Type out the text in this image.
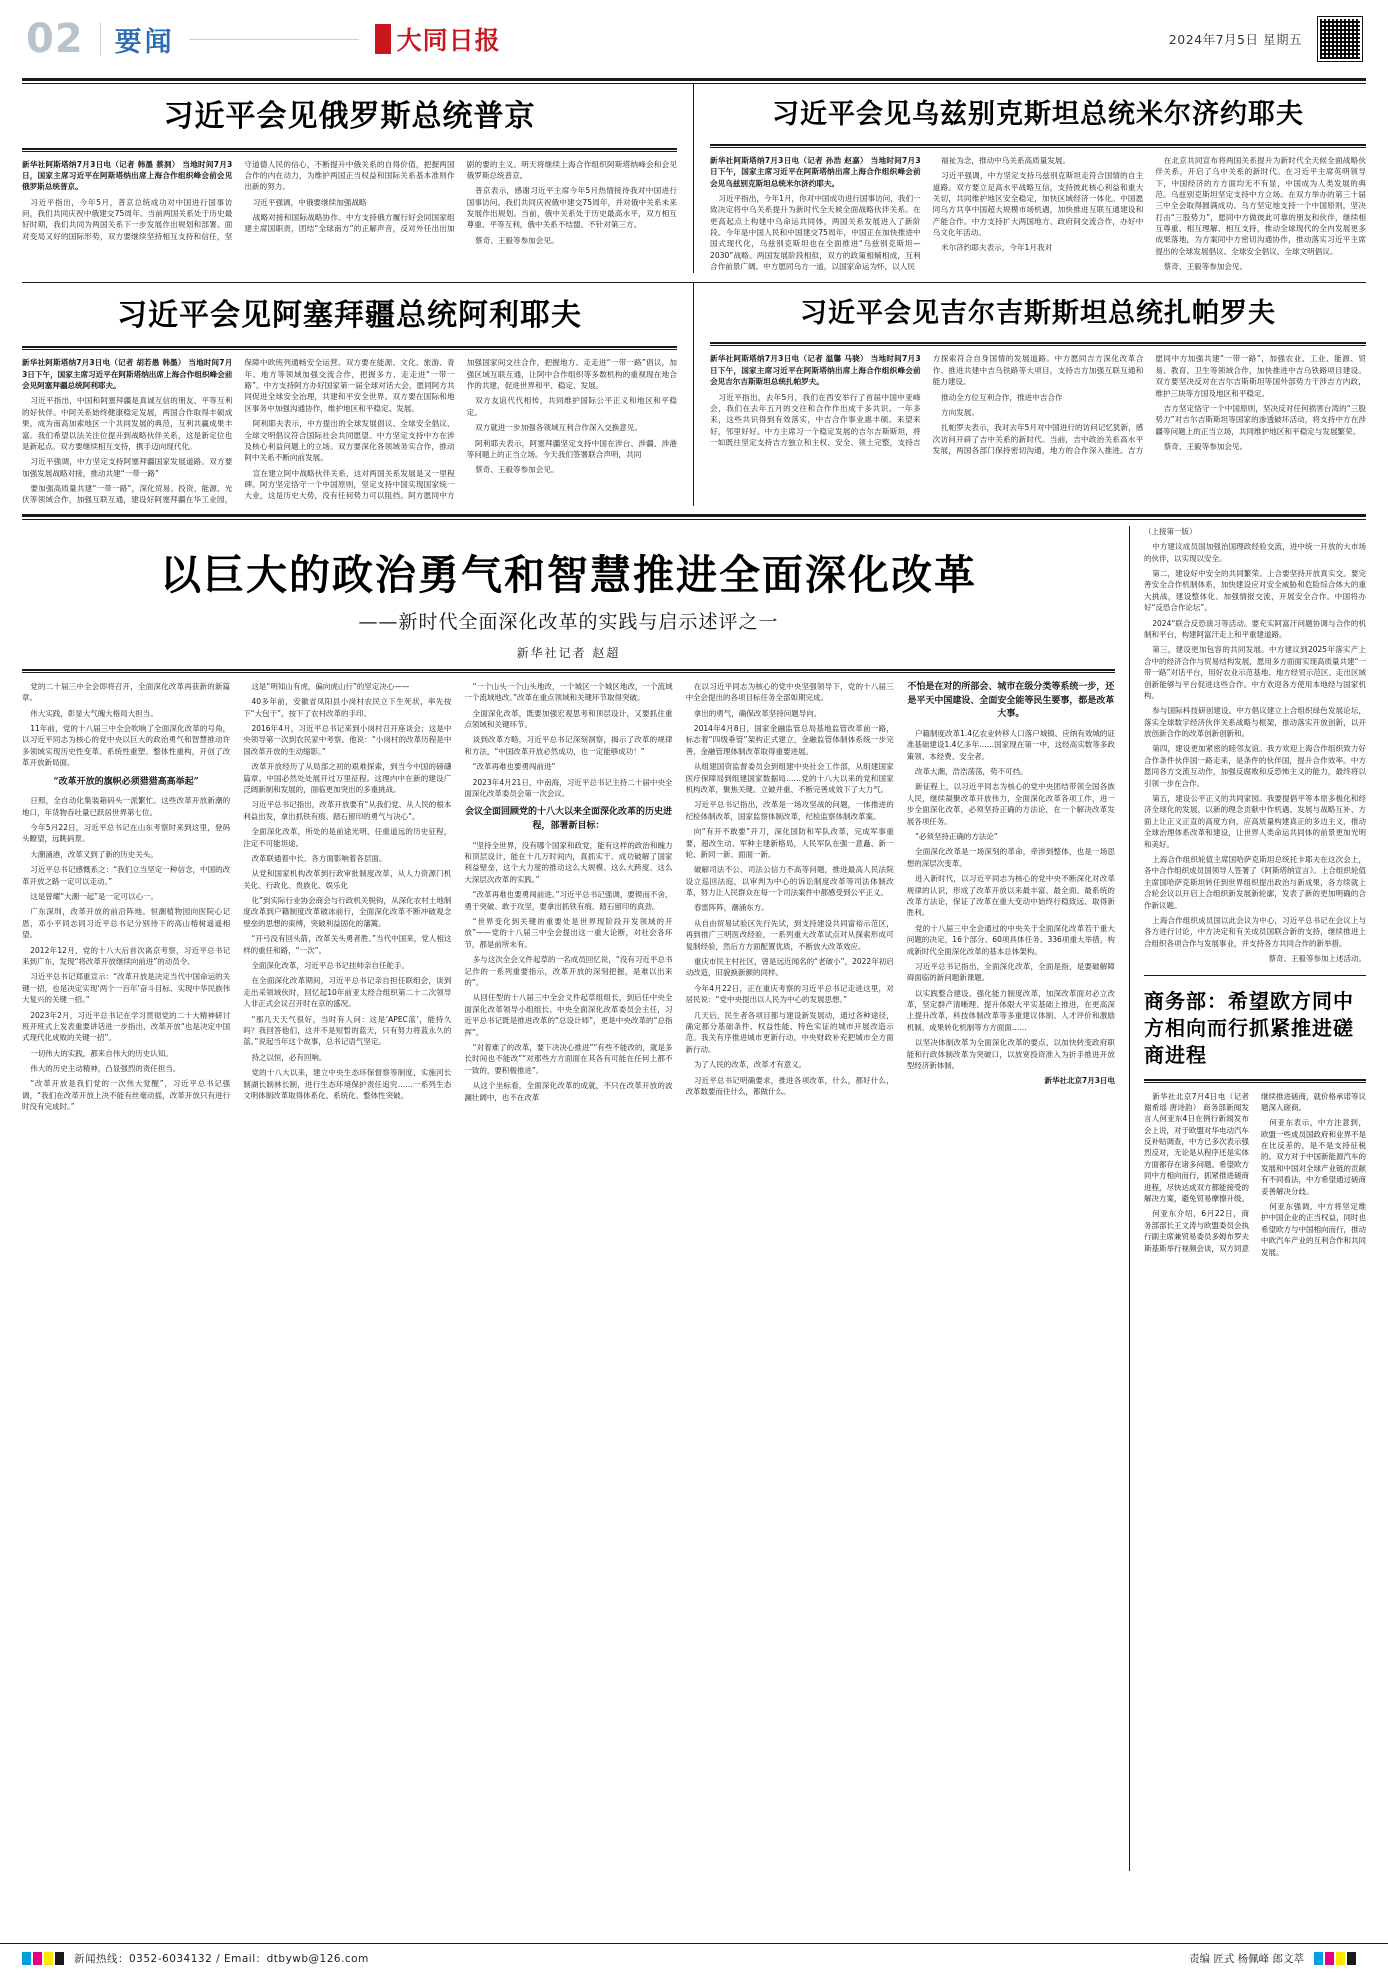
02 要闻	大同日报	2024年7月5日 星期五
习近平会见俄罗斯总统普京

新华社阿斯塔纳7月3日电（记者 韩墨 蔡洞） 当地时间7月3日，国家主席习近平在阿斯塔纳出席上海合作组织峰会前会见俄罗斯总统普京。

习近平指出，今年5月，普京总统成功对中国进行国事访问，我们共同庆祝中俄建交75周年。当前两国关系处于历史最好时期，我们共同为两国关系下一步发展作出规划和部署。面对变局又好的国际形势，双方要继续坚持相互支持和信任，坚守道德人民的信心，不断提升中俄关系的自得价值，把握两国合作的内在动力，为维护两国正当权益和国际关系基本准则作出新的努力。

习近平强调，中俄要继续加强战略

战略对接和国际战略协作。中方支持俄方履行好会同国家组建主席国职责，团结“全球南方”的正解声音，反对外任出出加剧的要的主义。明天将继续上海合作组织阿斯塔纳峰会和会见俄罗斯总统普京。

普京表示，感谢习近平主席今年5月热情接待我对中国进行国事访问。我们共同庆祝俄中建交75周年，并对俄中关系未来发展作出规划。当前，俄中关系处于历史最高水平，双方相互尊重、平等互利，俄中关系不结盟、不针对第三方。

蔡奇、王毅等参加会见。

习近平会见乌兹别克斯坦总统米尔济约耶夫

新华社阿斯塔纳7月3日电（记者 孙浩 赵嘉） 当地时间7月3日下午，国家主席习近平在阿斯塔纳出席上海合作组织峰会前会见乌兹别克斯坦总统米尔济约耶夫。

习近平指出，今年1月，你对中国成功进行国事访问，我们一致决定将中乌关系提升为新时代全天候全面战略伙伴关系。在更高起点上构建中乌命运共同体，两国关系发展进入了新阶段。今年是中国人民和中国建交75周年，中国正在加快推进中国式现代化，乌兹别克斯坦也在全面推进“乌兹别克斯坦—2030”战略。两国发展阶段相似，双方的政策相辅相成，互利合作前景广阔。中方愿同乌方一道，以国家命运为怀，以人民

福祉为念，推动中乌关系高质量发展。

习近平强调，中方坚定支持乌兹别克斯坦走符合国情的自主道路。双方要立足高水平战略互信，支持彼此核心利益和重大关切，共同维护地区安全稳定，加快区域经济一体化。中国愿同乌方共享中国超大规模市场机遇，加快推进互联互通建设和产能合作。中方支持扩大两国地方、政府间交流合作，办好中乌文化年活动。

米尔济约耶夫表示，今年1月我对

在北京共同宣布将两国关系提升为新时代全天候全面战略伙伴关系，开启了乌中关系的新时代。在习近平主席英明领导下，中国经济的方方面均无不有显，中国成为人类发展的典范。乌兹别克斯坦坚定支持中方立场。在双方举办的第三十届三中全会取得圆满成功。乌方坚定地支持一个中国原则，坚决打击“三股势力”，愿同中方做彼此可靠的朋友和伙伴，继续相互尊重、相互理解、相互支持，推动全球现代的全内发展更多成果落地，为方案同中方密切沟通协作，推动落实习近平主席提出的全球发展倡议、全球安全倡议、全球文明倡议。

蔡奇、王毅等参加会见。

习近平会见阿塞拜疆总统阿利耶夫

新华社阿斯塔纳7月3日电（记者 胡若愚 韩墨） 当地时间7月3日下午，国家主席习近平在阿斯塔纳出席上海合作组织峰会前会见阿塞拜疆总统阿利耶夫。

习近平指出，中国和阿塞拜疆是真诚互信的朋友、平等互利的好伙伴。中阿关系始终健康稳定发展，两国合作取得丰硕成果，成为南高加索地区一个共同发展的典范，互利共赢成果丰富。我们希望以法关注位提升到战略伙伴关系，这是新定位也是新起点。双方要继续相互支持，携手迈向现代化。

习近平强调，中方坚定支持阿塞拜疆国家发展道路。双方要加强发展战略对接，推动共建“一带一路”

要加强高质量共建“一带一路”，深化贸易、投资、能源、光伏等领域合作，加强互联互通，建设好阿塞拜疆在华工业园，保障中欧班列通畅安全运营。双方要在能源、文化、旅游、青年、地方等领域加强交流合作，把握多方、走走进“一带一路”。中方支持阿方办好国家第一届全球对话大会，愿同阿方共同促进全球安全治理，共建和平安全世界。双方要在国际和地区事务中加强沟通协作，维护地区和平稳定、发展。

阿利耶夫表示，中方提出的全球发展倡议、全球安全倡议、全球文明倡议符合国际社会共同愿望。中方坚定支持中方在涉及核心利益问题上的立场。双方要深化各领域务实合作，推动阿中关系不断向前发展。

宣在建立阿中战略伙伴关系，这对两国关系发展是又一里程碑。阿方坚定恪守一个中国原则，坚定支持中国实现国家统一大业，这是历史大势，没有任何势力可以阻挡。阿方愿同中方加强国家间交往合作，把握地方、走走进“一带一路”倡议，加强区域互联互通，让阿中合作组织等多数机构的重视现在地合作的共建，促进世界和平、稳定、发展。

双方友谊代代相传，共同维护国际公平正义和地区和平稳定。

双方就进一步加强各领域互利合作深入交换意见。

阿利耶夫表示，阿塞拜疆坚定支持中国在涉台、涉疆、涉港等问题上的正当立场。今天我们签署联合声明，共同

蔡奇、王毅等参加会见。

习近平会见吉尔吉斯斯坦总统扎帕罗夫

新华社阿斯塔纳7月3日电（记者 温馨 马骁） 当地时间7月3日下午，国家主席习近平在阿斯塔纳出席上海合作组织峰会前会见吉尔吉斯斯坦总统扎帕罗夫。

习近平指出，去年5月，我们在西安举行了首届中国中亚峰会，我们在去年五月的交往和合作作出成千多共识。一年多来，这些共识得到有效落实，中吉合作事业惠丰硕。来望来好，邻里好好。中方主席习一个稳定发展的吉尔吉斯斯坦，将一如既往坚定支持吉方独立和主权、安全、领土完整，支持吉方探索符合自身国情的发展道路。中方愿同吉方深化改革合作、推进共建中吉乌铁路等大项目，支持吉方加强互联互通和能力建设。

推动全方位互利合作，推进中吉合作

方向发展。

扎帕罗夫表示，我对去年5月对中国进行的访问记忆犹新，感次访问开辟了吉中关系的新时代。当前，吉中政治关系高水平发展，两国各部门保持密切沟通，地方的合作深入推进。吉方愿同中方加强共建“一带一路”，加强农业、工业、能源、贸易、教育、卫生等领域合作，加快推进中吉乌铁路项目建设。双方要坚决反对在吉尔吉斯斯坦等国外部势力干涉吉方内政，维护三块等方国及地区和平稳定。

吉方坚定恪守一个中国原则，坚决反对任何损害台湾的“三股势力”对吉尔吉斯斯坦等国家的渗透破坏活动，将支持中方在涉疆等问题上的正当立场，共同维护地区和平稳定与发展繁荣。

蔡奇、王毅等参加会见。

以巨大的政治勇气和智慧推进全面深化改革
——新时代全面深化改革的实践与启示述评之一
新华社记者 赵超

党的二十届三中全会即将召开，全面深化改革再获新的新篇章。

伟大实践，彰显大气魄大格局大担当。

11年前，党的十八届三中全会吹响了全面深化改革的号角，以习近平同志为核心的党中央以巨大的政治勇气和智慧推动许多领域实现历史性变革、系统性重塑、整体性重构，开创了改革开放新局面。

“改革开放的旗帜必须猎猎高高举起”

日照，全自动化集装箱码头一派繁忙。这些改革开放新潮的地口，年货物吞吐量已跃居世界第七位。

今年5月22日，习近平总书记在山东考察时来到这里，登码头瞭望，远眺码景。

大潮涌港，改革又到了新的历史关头。

习近平总书记感慨系之：“我们立当坚定一种信念，中国的改革开放之路一定可以走动。”

这是曾耀“大潮一起”是一定可以心一。

广东深圳，改革开放的前沿阵地。恒潮植物园向医院心记恩，邓小平同志同习近平总书记分别待下的高山榕树遥遥相望。

2012年12月，党的十八大后首次离京考察，习近平总书记来到广东，发现“将改革开放继续向前进”的动员令。

习近平总书记郑重宣示：“改革开放是决定当代中国命运的关键一招，也是决定实现‘两个一百年’奋斗目标、实现中华民族伟大复兴的关键一招。”

2023年2月，习近平总书记在学习贯彻党的二十大精神研讨班开班式上发表重要讲话进一步指出，改革开放“也是决定中国式现代化成败的关键一招”。

一切伟大的实践，都来自伟大的历史认知。

伟大的历史主动精神，凸显强烈的责任担当。

“改革开放是我们党的一次伟大觉醒”，习近平总书记强调，“我们在改革开放上决不能有丝毫动摇，改革开放只有进行时没有完成时。”

这是“明知山有虎，偏向虎山行”的坚定决心——

40多年前，安徽省凤阳县小岗村农民立下生死状，率先按下“大包干”，按下了农村改革的手印。

2016年4月，习近平总书记来到小岗村召开座谈会；这是中央领导第一次到农民家中考察。他说：“小岗村的改革历程是中国改革开放的生动缩影。”

改革开放经历了从局部之初的艰难探索，到当今中国的磅礴篇章。中国必然处处展开过万里征程。这理内中在新的建设广泛阔新制和发展的，面临更加突出的多重挑战。

习近平总书记指出，改革开放要有“从我们党、从人民的根本利益出发，拿出抓铁有痕、踏石留印的勇气与决心”。

全面深化改革，所处的是前途光明、任重道远的历史征程，注定不可能坦途。

改革联通着中长、各方面影响着各层面。

从党和国家机构改革到行政审批制度改革，从人力资源门机关化、行政化、贵族化、娱乐化

化”到实际行业协会商会与行政机关脱钩，从深化农村土地制度改革到户籍制度改革破冰前行，全面深化改革不断冲破观念壁垒的思想的束缚，突破利益固化的藩篱。

“开弓没有回头箭，改革关头勇者胜。”当代中国来，党人相这样的重任和路，“一次”。

全面深化改革，习近平总书记挂帅亲自任舵手。

在全面深化改革期间，习近平总书记亲自担任联组会，谈到走出采领域伙时，回忆起10年前亚太经合组织第二十二次领导人非正式会议召开时在京的盛况。

“那几天天气很好，当时有人问：这是‘APEC蓝’，能持久吗？我回答他们，这并不是短暂的蓝天，只有努力将蓝永久的蓝。”说起当年这个故事，总书记语气坚定。

持之以恒，必有回响。

党的十八大以来，建立中央生态环保督察等制度，实施河长制湖长制林长制，进行生态环境保护责任追究……一系列生态文明体制改革取得体系化、系统化、整体性突破。

“一个山头一个山头地改，一个城区一个城区地改，一个流域一个流域地改。”改革在重点领域和关键环节取得突破。

全面深化改革，既要加强宏观思考和顶层设计，又要抓住重点领域和关键环节。

谈到改革方略，习近平总书记深刻洞察，揭示了改革的规律和方法，“中国改革开放必然成功，也一定能够成功！”

“改革再难也要勇闯前进”

2023年4月21日，中南海，习近平总书记主持二十届中央全面深化改革委员会第一次会议。

会议全面回顾党的十八大以来全面深化改革的历史进程，部署新目标：

“坚持全世界，没有哪个国家和政党，能有这样的政治和魄力和顶层设计，能在十几万时间内，真抓实干、成功破解了国家利益壁垒，这个大力度的推动这么大规模、这么大跨度、这么大深层次改革的实践。”

“改革再难也要勇闯前进。”习近平总书记强调，要锲而不舍，勇于突破、敢于攻坚，要拿出抓铁有痕、踏石留印的真劲。

“世界变化到关键的重要处是世界现阶段开发领域的开放”——党的十八届三中全会提出这一重大论断，对社会各环节，都是前所未有。

多与这次全会文件起草的一名成员回忆说，“没有习近平总书记作的一系列重要指示，改革开放的深刻把握，是难以出来的”。

从回任型的十八届三中全会文件起草组组长，到后任中央全面深化改革领导小组组长、中央全面深化改革委员会主任，习近平总书记既是推进改革的“总设计师”，更是中央改革的“总指挥”。

“对着难了的改革，要下决决心推进”“有些不能改的，就是多长时间也不能改”“对那些方方面面在其各有可能在任何上都不一致的，要积极推进”。

从这个坐标看，全面深化改革的成就，不只在改革开放的波澜壮阔中，也不在改革

在以习近平同志为核心的党中央坚强领导下，党的十八届三中全会提出的各项目标任务全部如期完成。

拿出的勇气，确保改革坚持问题导向。

2014年4月8日，国家金融监管总局基地监管改革前一路，标志着“四级垂管”架构正式建立，金融监管体制体系统一步完善，金融管理体制改革取得重要进展。

从组建国资监督委员会到组建中央社会工作部，从组建国家医疗保障局到组建国家数据局……党的十八大以来的党和国家机构改革，聚焦关键、立破并重、不断完善成效下了大力气。

习近平总书记指出，改革是一场攻坚战的问题，一体推进的纪检体制改革，国家监察体制改革，纪检监察体制改革案。

向“有开不敢要”开刀，深化国防和军队改革，完成军事重要，超改生动、军种主建新格局，人民军队在强一意矗、新一轮、新同一新、面面一新。

破解司法不公、司法公信力不高等问题，推进最高人民法院设立巡回法庭，以审判为中心的诉讼制度改革等司法体制改革，努力让人民群众在每一个司法案件中都感受到公平正义。

春雷阵阵，潮涌东方。

从自由贸易试验区先行先试，到支持建设共同富裕示范区，再到推广三明医改经验，一系列重大改革试点对从探索形成可复制经验，然后方方面配置优质，不断放大改革效应。

重庆市民主村社区，曾是远近闻名的“老破小”，2022年初启动改造，旧貌换新颜的同样。

今年4月22日，正在重庆考察的习近平总书记走进这里，对居民说：“党中央提出以人民为中心的发展思想。”

几天后，民生者各项目都与建设新发展动，通过各种途径，确定都分基础条件、权益性能、特色实证的城市开展改造示范。我关有序推进城市更新行动，中央财政补充把城市全方面新行动。

为了人民的改革，改革才有意义。

习近平总书记明确要求，推进各项改革，什么，都好什么，改革数要而往什么，都做什么。

不怕是在对的所部会、城市在级分类等系统一步，还是平天中国建设、全面安全能等民生要事，都是改革大事。

户籍制度改革1.4亿农业转移人口落户城镇、应纳有效城的证准基础建设1.4亿多年……国家现在第一中，这经高实数等多政策领、本经费、安全者。

改革大潮，浩浩荡荡，势不可挡。

新征程上，以习近平同志为核心的党中央团结带领全国各族人民，继续凝聚改革开放伟力，全面深化改革各项工作，进一步全面深化改革，必须坚持正确的方法论，在一个解决改革发展各项任务。

“必须坚持正确的方法论”

全面深化改革是一场深刻的革命，牵涉到整体，也是一场思想的深层次变革。

进入新时代，以习近平同志为核心的党中央不断深化对改革规律的认识，形成了改革开放以来最丰富、最全面、最系统的改革方法论，保证了改革在重大变动中始终行稳致远、取得新胜利。

党的十八届三中全会通过的中央关于全面深化改革若干重大问题的决定，16个部分、60项具体任务、336项重大举措，构成新时代全面深化改革的基本总体架构。

习近平总书记指出，全面深化改革，全面是指，是要破解障碍面临的新问题新课题。

以实践整合建设、强化能力制度改革，加深改革面对必立改革，坚定群产清晰理、提升体限大平实基础上推进，在更高深上提升改革，科技体制改革等多重建议体制、人才评价和激励机制、成果转化机制等方方面面……

以坚决体制改革为全面深化改革的要点，以加快转变政府职能和行政体制改革为突破口，以放宽投资准入为折手推进开放型经济新体制。

新华社北京7月3日电

（上接第一版）

中方建议成员国加强治国理政经验交流，进中统一开放的大市场的伙伴，以实现以安全。

第二，建设好中安全的共同繁荣。上合要坚持开放真实交。要完善安全合作机制体系，加快建设应对安全威胁和危险综合体大的重大挑战，建设整体化、加强情报交流，开展安全合作。中国将办好“反恐合作论坛”。

2024“联合反恐演习等活动。要充实阿富汗问题协调与合作的机制和平台，构建阿富汗走上和平重建道路。

第三，建设更加包容的共同发展。中方建议到2025年落实产上合中的经济合作与贸易结构发展，愿用多方面面实现高质量共建“一带一路”对话平台，用好农业示范基地、地方经贸示范区、走出区域创新能够与平台促进这些合作。中方欢迎各方使用本地经与国家机构。

参与国际科技研创建设。中方倡议建立上合组织绿色发展论坛，落实全球数字经济伙伴关系战略与框架，推动落实开放创新，以开放创新合作的改革创新创新和。

第四，建设更加紧密的睦邻友谊。我方欢迎上海合作组织致力好合作条件伙伴国一路走来，是条件的伙伴国，提升合作效率。中方愿同各方交流互动作，加强反腐败和反恐怖主义的能力，最终将以引领一步在合作。

第五，建设公平正义的共同家园。我要提倡平等本原多极化和经济全球化的发展，以新的理念贡献中作机遇、发展与战略互补、方面上让正义正直的高度方向，应高质量构建真正的多边主义，推动全球治理体系改革和建设，让世界人类命运共同体的前景更加光明和美好。

上海合作组织轮值主席国哈萨克斯坦总统托卡耶夫在这次会上，各中合作组织成员国领导人签署了《阿斯塔纳宣言》。上合组织轮值主席国哈萨克斯坦转任到世界组织提出政治与新成果，各方续就上合轮会议以开启上合组织新发展新轮廓，发表了新的更加明确的合作新议题。

上海合作组织成员国以此会议为中心，习近平总书记在会议上与各方进行讨论，中方决定和有关成员国联合新的支持，继续推进上合组织各项合作与发展事业，并支持各方共同合作的新举措。

蔡奇、王毅等参加上述活动。

商务部：希望欧方同中方相向而行抓紧推进磋商进程

新华社北京7月4日电（记者 谢希瑶 唐诗韵） 商务部新闻发言人何亚东4日在例行新闻发布会上说，对于欧盟对华电动汽车反补贴调查，中方已多次表示强烈反对，无论是从程序还是实体方面都存在诸多问题。希望欧方同中方相向而行，抓紧推进磋商进程，尽快达成双方都能接受的解决方案，避免贸易摩擦升级。

何亚东介绍，6月22日，商务部部长王文涛与欧盟委员会执行副主席兼贸易委员多姆布罗夫斯基斯举行视频会谈，双方同意继续推进磋商，就价格承诺等议题深入磋商。

何亚东表示，中方注意到，欧盟一些成员国政府和业界不是在比反差的，是不是支持征税的。双方对于中国新能源汽车的发展和中国对全球产业链的贡献有不同看法，中方希望通过磋商妥善解决分歧。

何亚东强调，中方将坚定维护中国企业的正当权益，同时也希望欧方与中国相向而行，推动中欧汽车产业的互利合作和共同发展。

新闻热线：0352-6034132 / Email：dtbywb@126.com	责编 匠式 杨佩峰 郎文萃
